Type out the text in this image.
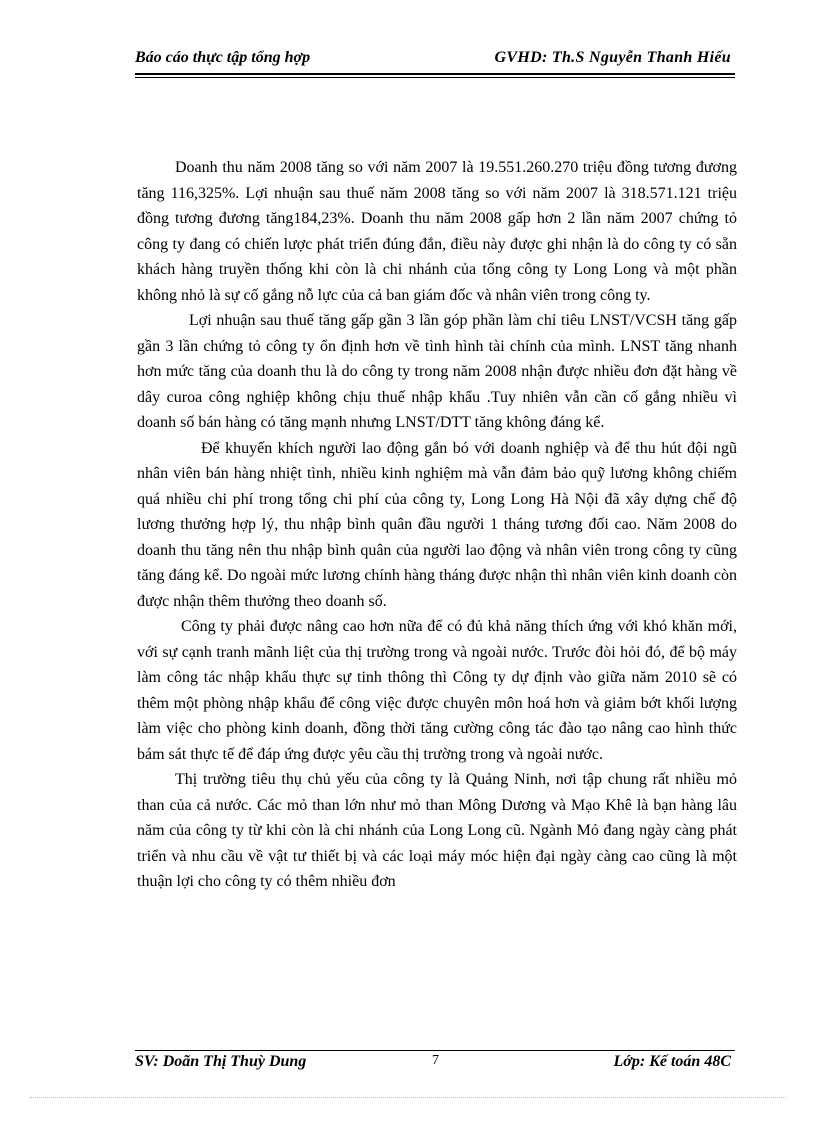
Báo cáo thực tập tổng hợp	GVHD: Th.S Nguyễn Thanh Hiếu

Doanh thu năm 2008 tăng so với năm 2007 là 19.551.260.270 triệu đồng tương đương tăng 116,325%. Lợi nhuận sau thuế năm 2008 tăng so với năm 2007 là 318.571.121 triệu đồng tương đương tăng184,23%. Doanh thu năm 2008 gấp hơn 2 lần năm 2007 chứng tỏ công ty đang có chiến lược phát triển đúng đắn, điều này được ghi nhận là do công ty có sẵn khách hàng truyền thống khi còn là chi nhánh của tổng công ty Long Long và một phần không nhỏ là sự cố gắng nỗ lực của cả ban giám đốc và nhân viên trong công ty.

Lợi nhuận sau thuế tăng gấp gần 3 lần góp phần làm chỉ tiêu LNST/VCSH tăng gấp gần 3 lần chứng tỏ công ty ổn định hơn về tình hình tài chính của mình. LNST tăng nhanh hơn mức tăng của doanh thu là do công ty trong năm 2008 nhận được nhiều đơn đặt hàng về dây curoa công nghiệp không chịu thuế nhập khẩu .Tuy nhiên vẫn cần cố gắng nhiều vì doanh số bán hàng có tăng mạnh nhưng LNST/DTT tăng không đáng kể.

Để khuyến khích người lao động gắn bó với doanh nghiệp và để thu hút đội ngũ nhân viên bán hàng nhiệt tình, nhiều kinh nghiệm mà vẫn đảm bảo quỹ lương không chiếm quá nhiều chi phí trong tổng chi phí của công ty, Long Long Hà Nội đã xây dựng chế độ lương thưởng hợp lý, thu nhập bình quân đầu người 1 tháng tương đối cao. Năm 2008 do doanh thu tăng nên thu nhập bình quân của người lao động và nhân viên trong công ty cũng tăng đáng kể. Do ngoài mức lương chính hàng tháng được nhận thì nhân viên kinh doanh còn được nhận thêm thưởng theo doanh số.

Công ty phải được nâng cao hơn nữa để có đủ khả năng thích ứng với khó khăn mới, với sự cạnh tranh mãnh liệt của thị trường trong và ngoài nước. Trước đòi hỏi đó, để bộ máy làm công tác nhập khẩu thực sự tinh thông thì Công ty dự định vào giữa năm 2010 sẽ có thêm một phòng nhập khẩu để công việc được chuyên môn hoá hơn và giảm bớt khối lượng làm việc cho phòng kinh doanh, đồng thời tăng cường công tác đào tạo nâng cao hình thức bám sát thực tế để đáp ứng được yêu cầu thị trường trong và ngoài nước.

Thị trường tiêu thụ chủ yếu của công ty là Quảng Ninh, nơi tập chung rất nhiều mỏ than của cả nước. Các mỏ than lớn như mỏ than Mông Dương và Mạo Khê là bạn hàng lâu năm của công ty từ khi còn là chi nhánh của Long Long cũ. Ngành Mỏ đang ngày càng phát triển và nhu cầu về vật tư thiết bị và các loại máy móc hiện đại ngày càng cao cũng là một thuận lợi cho công ty có thêm nhiều đơn

SV: Doãn Thị Thuỳ Dung	7	Lớp: Kế toán 48C
